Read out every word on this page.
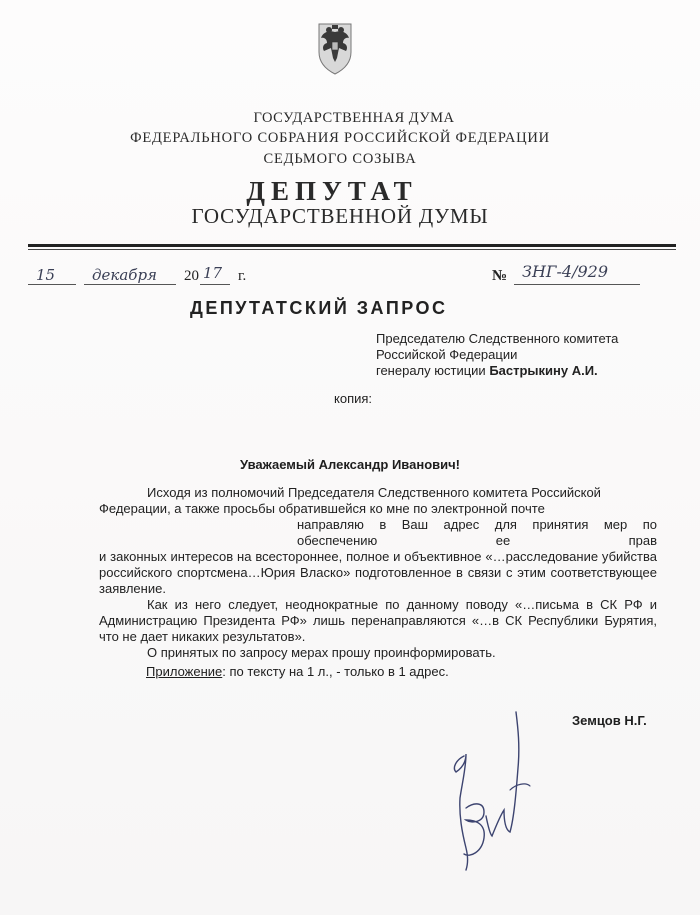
ГОСУДАРСТВЕННАЯ ДУМА
ФЕДЕРАЛЬНОГО СОБРАНИЯ РОССИЙСКОЙ ФЕДЕРАЦИИ
СЕДЬМОГО СОЗЫВА
ДЕПУТАТ
ГОСУДАРСТВЕННОЙ ДУМЫ
15 декабря 20 17 г.	№ ЗНГ-4/929
ДЕПУТАТСКИЙ ЗАПРОС
Председателю Следственного комитета
Российской Федерации
генералу юстиции Бастрыкину А.И.
копия:
Уважаемый Александр Иванович!

Исходя из полномочий Председателя Следственного комитета Российской

Федерации, а также просьбы обратившейся ко мне по электронной почте

направляю в Ваш адрес для принятия мер по обеспечению ее прав

и законных интересов на всестороннее, полное и объективное «…расследование убийства российского спортсмена…Юрия Власко» подготовленное в связи с этим соответствующее заявление.

Как из него следует, неоднократные по данному поводу «…письма в СК РФ и Администрацию Президента РФ» лишь перенаправляются «…в СК Республики Бурятия, что не дает никаких результатов».

О принятых по запросу мерах прошу проинформировать.

Приложение: по тексту на 1 л., - только в 1 адрес.
Земцов Н.Г.
